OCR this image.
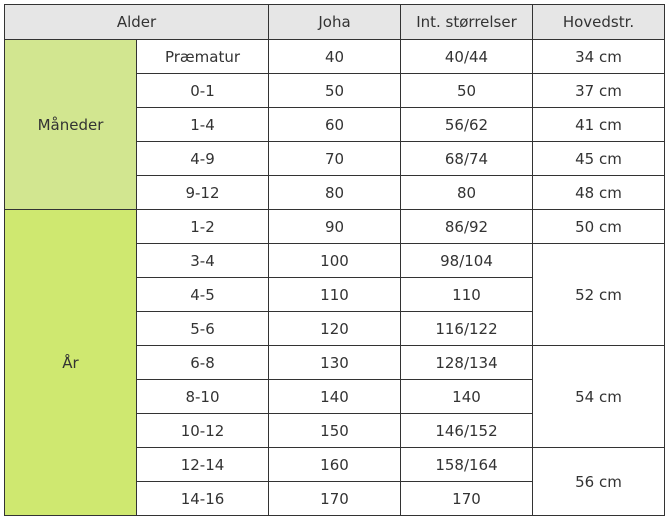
Alder		Joha	Int. størrelser	Hovedstr.
Måneder	Præmatur	40	40/44	34 cm
	0-1	50	50	37 cm
	1-4	60	56/62	41 cm
	4-9	70	68/74	45 cm
	9-12	80	80	48 cm
År	1-2	90	86/92	50 cm
	3-4	100	98/104	52 cm
	4-5	110	110	
	5-6	120	116/122	
	6-8	130	128/134	54 cm
	8-10	140	140	
	10-12	150	146/152	
	12-14	160	158/164	56 cm
	14-16	170	170	
